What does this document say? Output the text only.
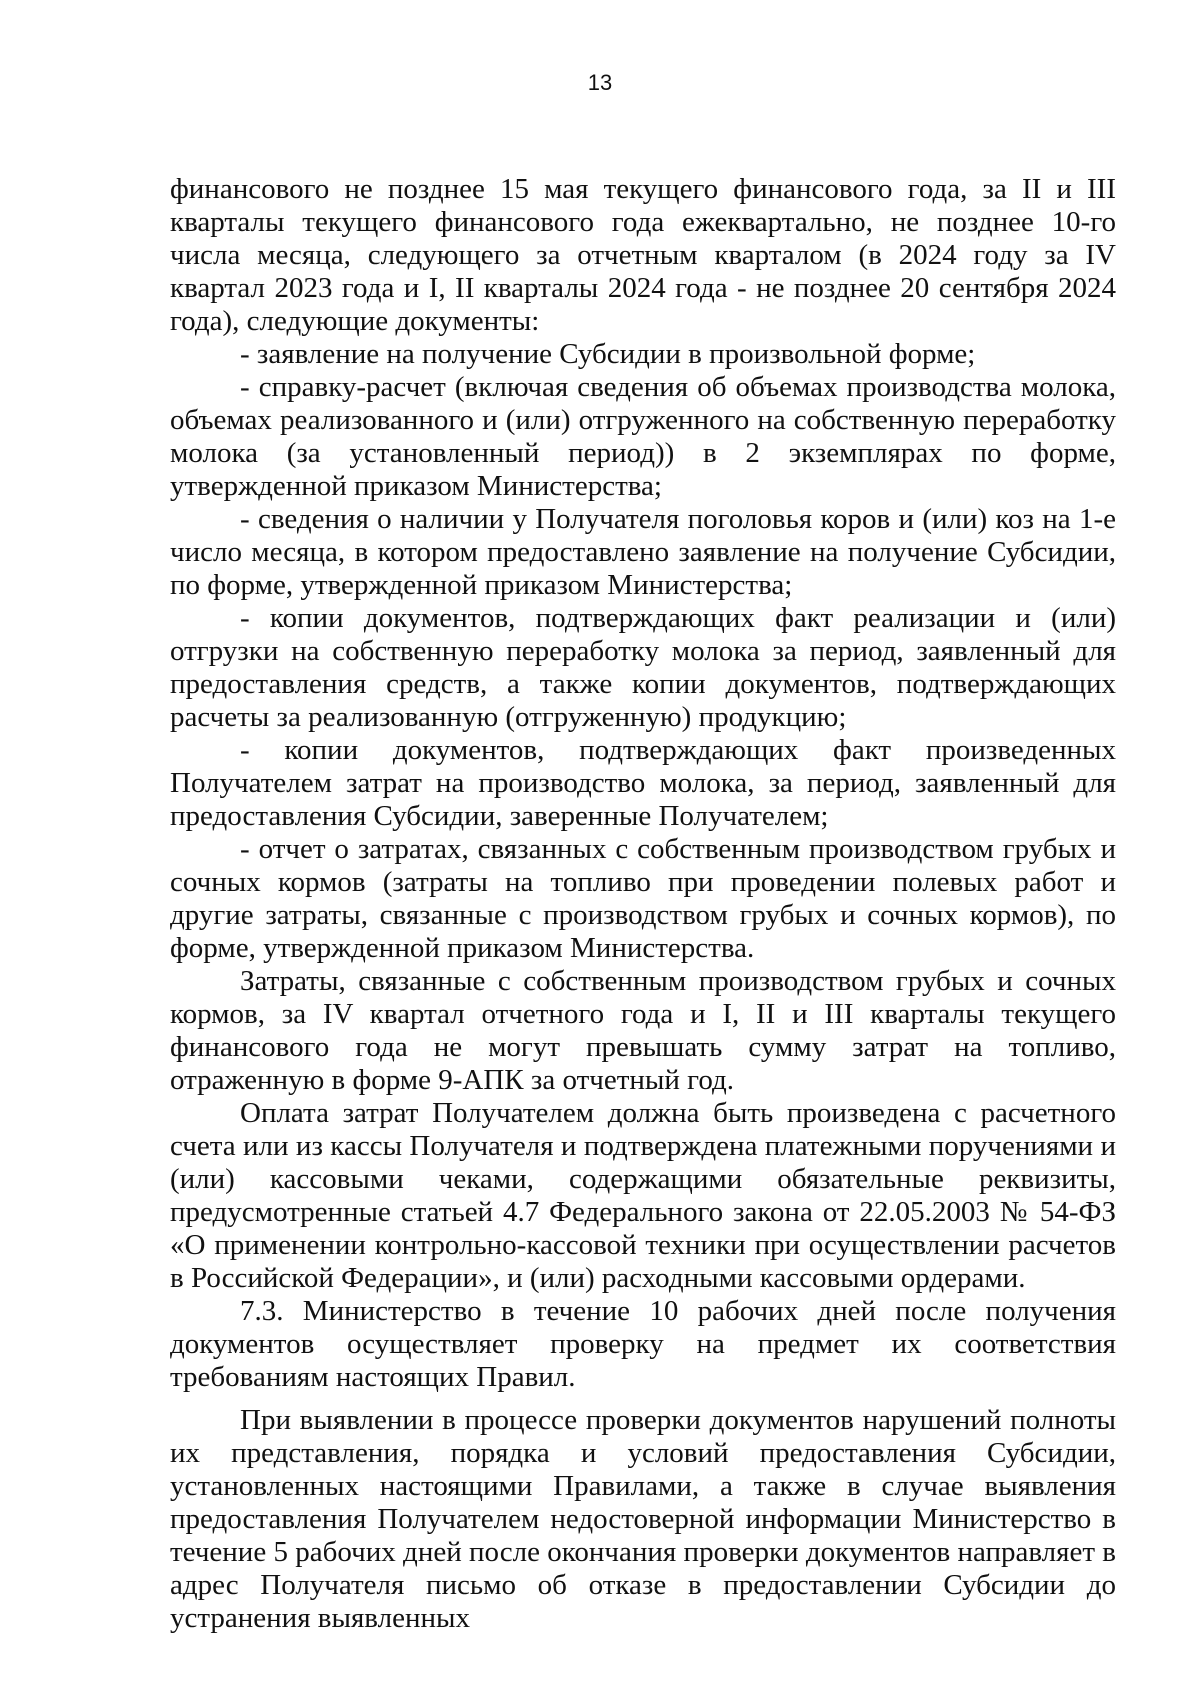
13

финансового не позднее 15 мая текущего финансового года, за II и III кварталы текущего финансового года ежеквартально, не позднее 10-го числа месяца, следующего за отчетным кварталом (в 2024 году за IV квартал 2023 года и I, II кварталы 2024 года - не позднее 20 сентября 2024 года), следующие документы:

- заявление на получение Субсидии в произвольной форме;

- справку-расчет (включая сведения об объемах производства молока, объемах реализованного и (или) отгруженного на собственную переработку молока (за установленный период)) в 2 экземплярах по форме, утвержденной приказом Министерства;

- сведения о наличии у Получателя поголовья коров и (или) коз на 1-е число месяца, в котором предоставлено заявление на получение Субсидии, по форме, утвержденной приказом Министерства;

- копии документов, подтверждающих факт реализации и (или) отгрузки на собственную переработку молока за период, заявленный для предоставления средств, а также копии документов, подтверждающих расчеты за реализованную (отгруженную) продукцию;

- копии документов, подтверждающих факт произведенных Получателем затрат на производство молока, за период, заявленный для предоставления Субсидии, заверенные Получателем;

- отчет о затратах, связанных с собственным производством грубых и сочных кормов (затраты на топливо при проведении полевых работ и другие затраты, связанные с производством грубых и сочных кормов), по форме, утвержденной приказом Министерства.

Затраты, связанные с собственным производством грубых и сочных кормов, за IV квартал отчетного года и I, II и III кварталы текущего финансового года не могут превышать сумму затрат на топливо, отраженную в форме 9-АПК за отчетный год.

Оплата затрат Получателем должна быть произведена с расчетного счета или из кассы Получателя и подтверждена платежными поручениями и (или) кассовыми чеками, содержащими обязательные реквизиты, предусмотренные статьей 4.7 Федерального закона от 22.05.2003 № 54-ФЗ «О применении контрольно-кассовой техники при осуществлении расчетов в Российской Федерации», и (или) расходными кассовыми ордерами.

7.3. Министерство в течение 10 рабочих дней после получения документов осуществляет проверку на предмет их соответствия требованиям настоящих Правил.

При выявлении в процессе проверки документов нарушений полноты их представления, порядка и условий предоставления Субсидии, установленных настоящими Правилами, а также в случае выявления предоставления Получателем недостоверной информации Министерство в течение 5 рабочих дней после окончания проверки документов направляет в адрес Получателя письмо об отказе в предоставлении Субсидии до устранения выявленных
